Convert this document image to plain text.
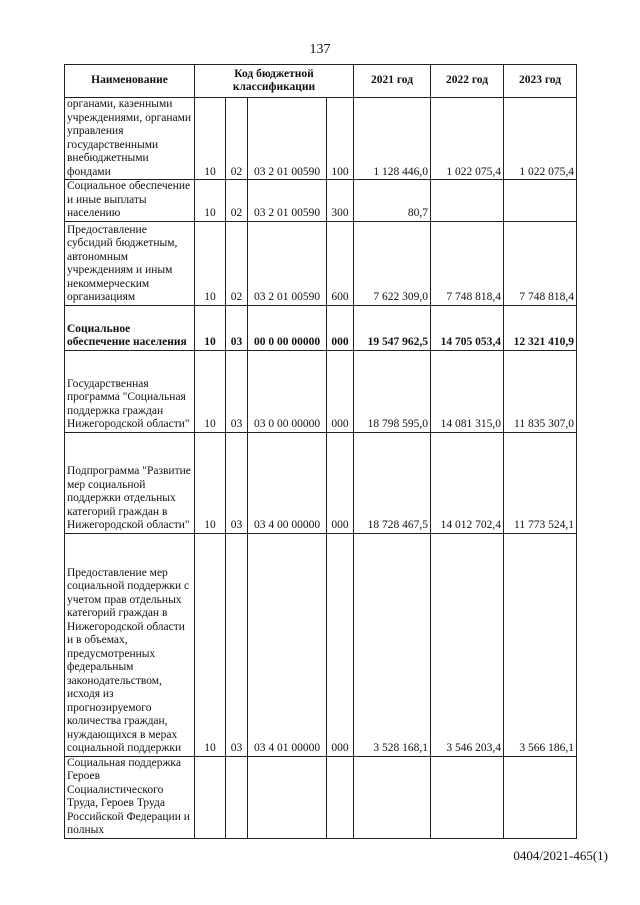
137
Наименование	Код бюджетной классификации				2021 год	2022 год	2023 год
органами, казенными учреждениями, органами управления государственными внебюджетными фондами	10	02	03 2 01 00590	100	1 128 446,0	1 022 075,4	1 022 075,4
Социальное обеспечение и иные выплаты населению	10	02	03 2 01 00590	300	80,7		
Предоставление субсидий бюджетным, автономным учреждениям и иным некоммерческим организациям	10	02	03 2 01 00590	600	7 622 309,0	7 748 818,4	7 748 818,4
Социальное обеспечение населения	10	03	00 0 00 00000	000	19 547 962,5	14 705 053,4	12 321 410,9
Государственная программа "Социальная поддержка граждан Нижегородской области"	10	03	03 0 00 00000	000	18 798 595,0	14 081 315,0	11 835 307,0
Подпрограмма "Развитие мер социальной поддержки отдельных категорий граждан в Нижегородской области"	10	03	03 4 00 00000	000	18 728 467,5	14 012 702,4	11 773 524,1
Предоставление мер социальной поддержки с учетом прав отдельных категорий граждан в Нижегородской области и в объемах, предусмотренных федеральным законодательством, исходя из прогнозируемого количества граждан, нуждающихся в мерах социальной поддержки	10	03	03 4 01 00000	000	3 528 168,1	3 546 203,4	3 566 186,1
Социальная поддержка Героев Социалистического Труда, Героев Труда Российской Федерации и полных							
0404/2021-465(1)
